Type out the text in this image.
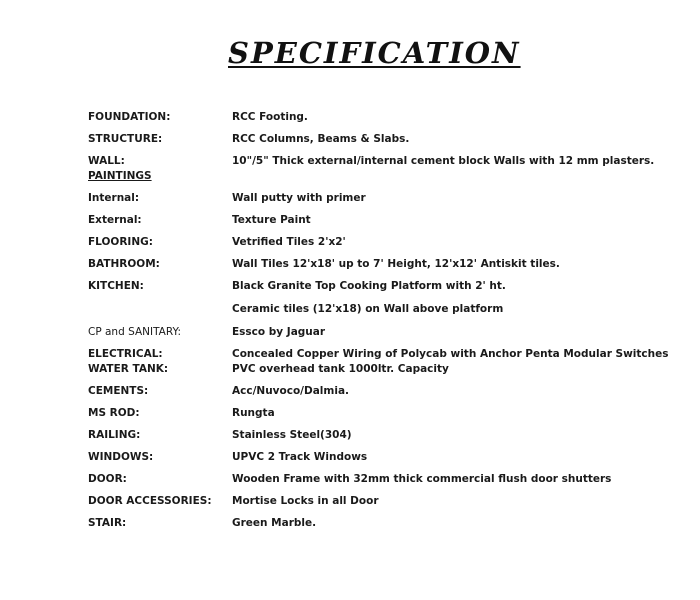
SPECIFICATION
FOUNDATION:	RCC Footing.
STRUCTURE:	RCC Columns, Beams & Slabs.
WALL:	10"/5" Thick external/internal cement block Walls with 12 mm plasters.
PAINTINGS
Internal:	Wall putty with primer
External:	Texture Paint
FLOORING:	Vetrified Tiles 2'x2'
BATHROOM:	Wall Tiles 12'x18' up to 7' Height, 12'x12' Antiskit tiles.
KITCHEN:	Black Granite Top Cooking Platform with 2' ht.
Ceramic tiles (12'x18) on Wall above platform
CP and SANITARY:	Essco by Jaguar
ELECTRICAL:	Concealed Copper Wiring of Polycab with Anchor Penta Modular Switches
WATER TANK:	PVC overhead tank 1000ltr. Capacity
CEMENTS:	Acc/Nuvoco/Dalmia.
MS ROD:	Rungta
RAILING:	Stainless Steel(304)
WINDOWS:	UPVC 2 Track Windows
DOOR:	Wooden Frame with 32mm thick commercial flush door shutters
DOOR ACCESSORIES:	Mortise Locks in all Door
STAIR:	Green Marble.
